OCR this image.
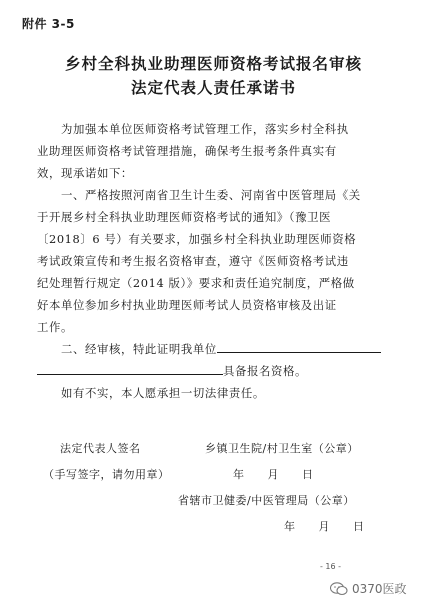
附件 3-5
乡村全科执业助理医师资格考试报名审核
法定代表人责任承诺书
为加强本单位医师资格考试管理工作，落实乡村全科执
业助理医师资格考试管理措施，确保考生报考条件真实有
效，现承诺如下：
一、严格按照河南省卫生计生委、河南省中医管理局《关
于开展乡村全科执业助理医师资格考试的通知》（豫卫医
〔2018〕6 号）有关要求，加强乡村全科执业助理医师资格
考试政策宣传和考生报名资格审查，遵守《医师资格考试违
纪处理暂行规定（2014 版）》要求和责任追究制度，严格做
好本单位参加乡村执业助理医师考试人员资格审核及出证
工作。
二、经审核，特此证明我单位
具备报名资格。
如有不实，本人愿承担一切法律责任。
法定代表人签名	乡镇卫生院/村卫生室（公章）
（手写签字，请勿用章）	年　　月　　日
省辖市卫健委/中医管理局（公章）
年　　月　　日
- 16 -
0370医政
